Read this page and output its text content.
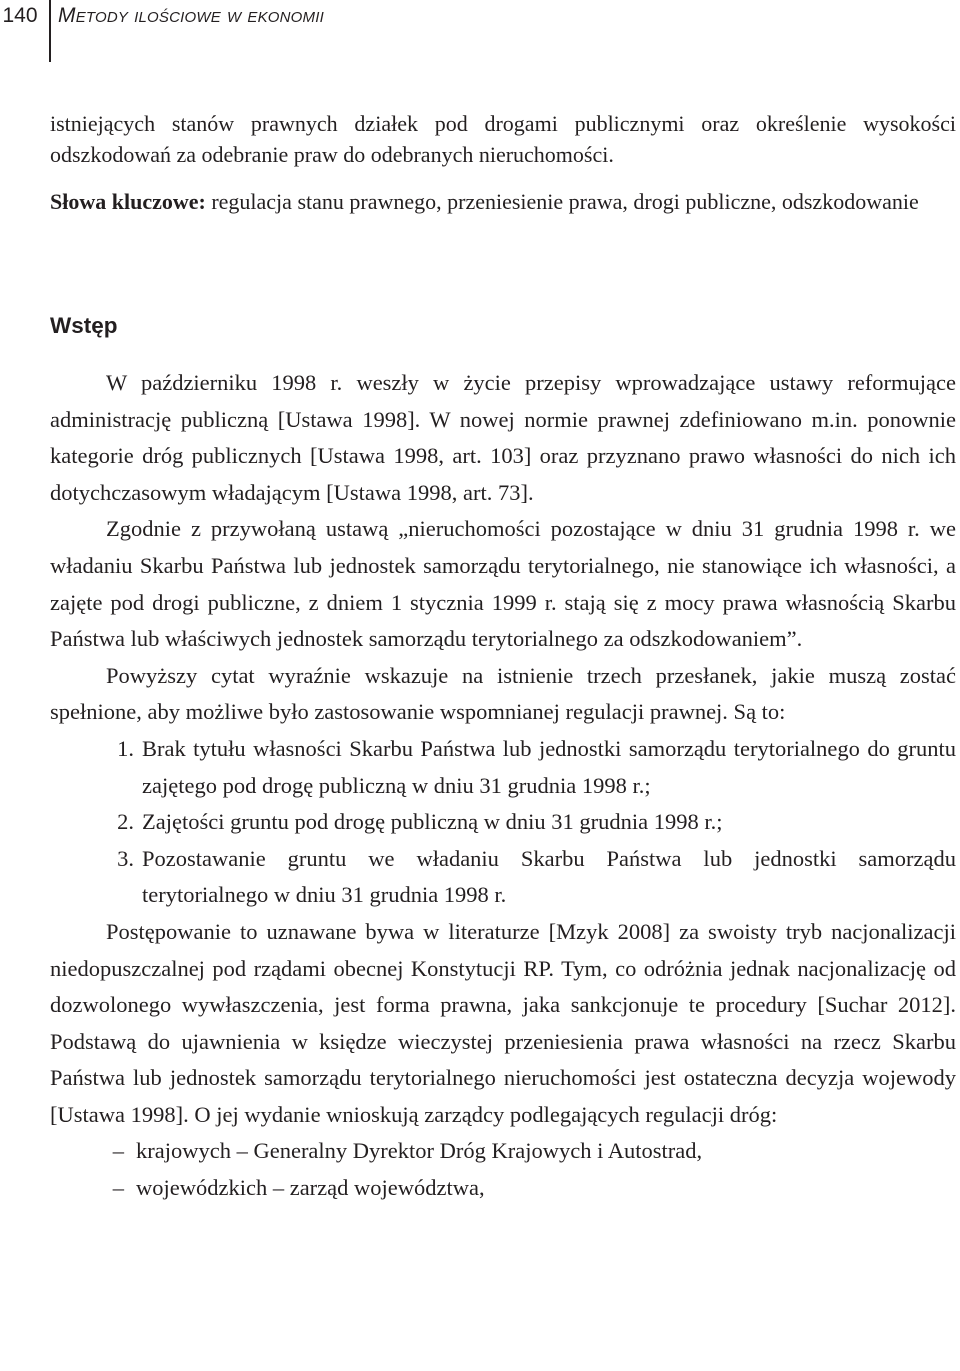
140 Metody ilościowe w ekonomii

istniejących stanów prawnych działek pod drogami publicznymi oraz określenie wysokości odszkodowań za odebranie praw do odebranych nieruchomości.

Słowa kluczowe: regulacja stanu prawnego, przeniesienie prawa, drogi publiczne, odszkodowanie

Wstęp

W październiku 1998 r. weszły w życie przepisy wprowadzające ustawy reformujące administrację publiczną [Ustawa 1998]. W nowej normie prawnej zdefiniowano m.in. ponownie kategorie dróg publicznych [Ustawa 1998, art. 103] oraz przyznano prawo własności do nich ich dotychczasowym władającym [Ustawa 1998, art. 73].

Zgodnie z przywołaną ustawą „nieruchomości pozostające w dniu 31 grudnia 1998 r. we władaniu Skarbu Państwa lub jednostek samorządu terytorialnego, nie stanowiące ich własności, a zajęte pod drogi publiczne, z dniem 1 stycznia 1999 r. stają się z mocy prawa własnością Skarbu Państwa lub właściwych jednostek samorządu terytorialnego za odszkodowaniem”.

Powyższy cytat wyraźnie wskazuje na istnienie trzech przesłanek, jakie muszą zostać spełnione, aby możliwe było zastosowanie wspomnianej regulacji prawnej. Są to:

1. Brak tytułu własności Skarbu Państwa lub jednostki samorządu terytorialnego do gruntu zajętego pod drogę publiczną w dniu 31 grudnia 1998 r.;
2. Zajętości gruntu pod drogę publiczną w dniu 31 grudnia 1998 r.;
3. Pozostawanie gruntu we władaniu Skarbu Państwa lub jednostki samorządu terytorialnego w dniu 31 grudnia 1998 r.

Postępowanie to uznawane bywa w literaturze [Mzyk 2008] za swoisty tryb nacjonalizacji niedopuszczalnej pod rządami obecnej Konstytucji RP. Tym, co odróżnia jednak nacjonalizację od dozwolonego wywłaszczenia, jest forma prawna, jaka sankcjonuje te procedury [Suchar 2012]. Podstawą do ujawnienia w księdze wieczystej przeniesienia prawa własności na rzecz Skarbu Państwa lub jednostek samorządu terytorialnego nieruchomości jest ostateczna decyzja wojewody [Ustawa 1998]. O jej wydanie wnioskują zarządcy podlegających regulacji dróg:

– krajowych – Generalny Dyrektor Dróg Krajowych i Autostrad,
– wojewódzkich – zarząd województwa,
